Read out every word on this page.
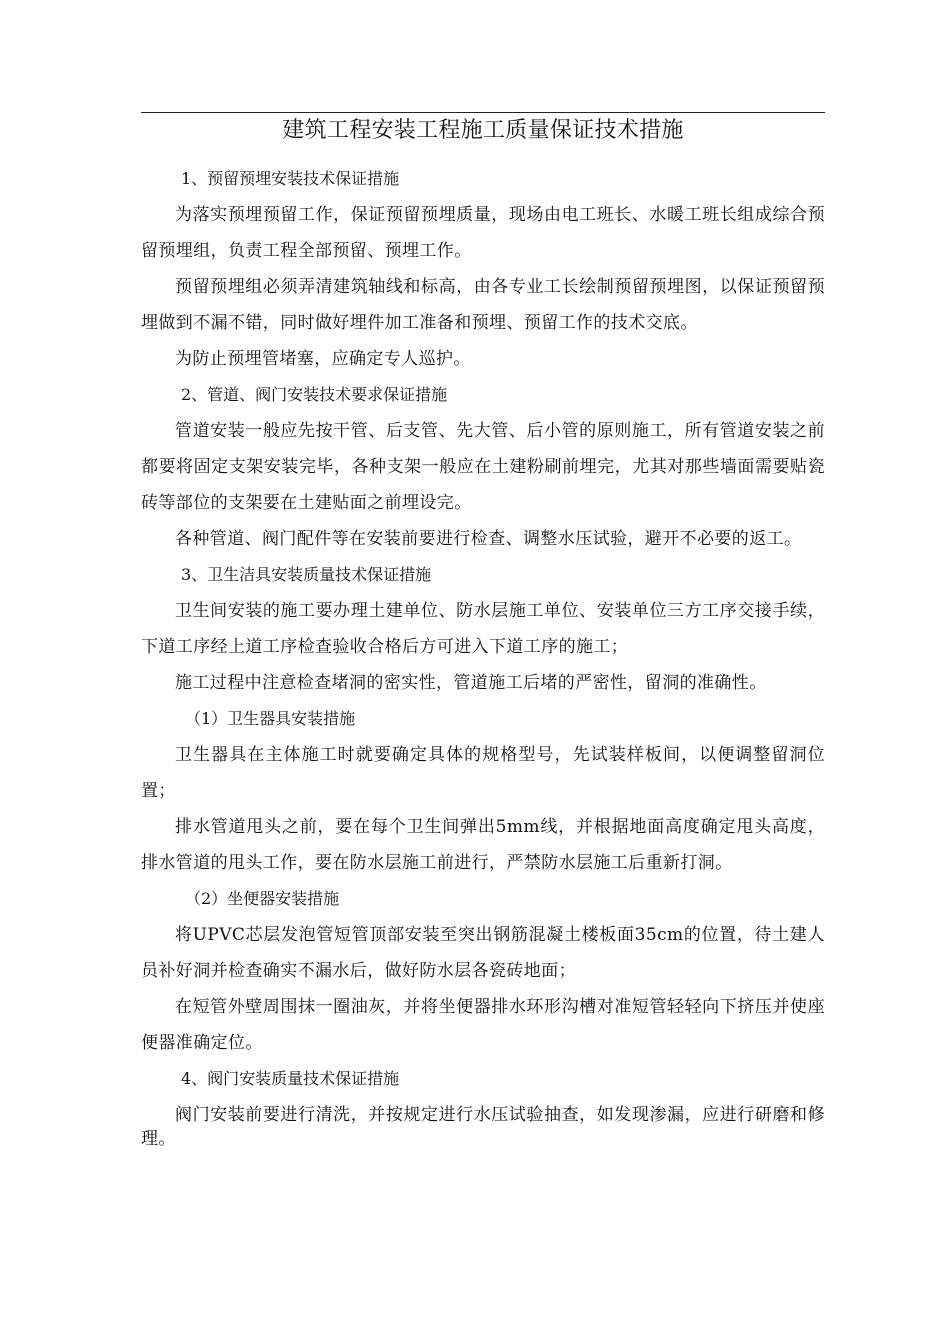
建筑工程安装工程施工质量保证技术措施

1、预留预埋安装技术保证措施

为落实预埋预留工作，保证预留预埋质量，现场由电工班长、水暖工班长组成综合预留预埋组，负责工程全部预留、预埋工作。

预留预埋组必须弄清建筑轴线和标高，由各专业工长绘制预留预埋图，以保证预留预埋做到不漏不错，同时做好埋件加工准备和预埋、预留工作的技术交底。

为防止预埋管堵塞，应确定专人巡护。

2、管道、阀门安装技术要求保证措施

管道安装一般应先按干管、后支管、先大管、后小管的原则施工，所有管道安装之前都要将固定支架安装完毕，各种支架一般应在土建粉刷前埋完，尤其对那些墙面需要贴瓷砖等部位的支架要在土建贴面之前埋设完。

各种管道、阀门配件等在安装前要进行检查、调整水压试验，避开不必要的返工。

3、卫生洁具安装质量技术保证措施

卫生间安装的施工要办理土建单位、防水层施工单位、安装单位三方工序交接手续，下道工序经上道工序检查验收合格后方可进入下道工序的施工；

施工过程中注意检查堵洞的密实性，管道施工后堵的严密性，留洞的准确性。

（1）卫生器具安装措施

卫生器具在主体施工时就要确定具体的规格型号，先试装样板间，以便调整留洞位置；

排水管道甩头之前，要在每个卫生间弹出5mm线，并根据地面高度确定甩头高度，排水管道的甩头工作，要在防水层施工前进行，严禁防水层施工后重新打洞。

（2）坐便器安装措施

将UPVC芯层发泡管短管顶部安装至突出钢筋混凝土楼板面35cm的位置，待土建人员补好洞并检查确实不漏水后，做好防水层各瓷砖地面；

在短管外壁周围抹一圈油灰，并将坐便器排水环形沟槽对准短管轻轻向下挤压并使座便器准确定位。

4、阀门安装质量技术保证措施

阀门安装前要进行清洗，并按规定进行水压试验抽查，如发现渗漏，应进行研磨和修理。
